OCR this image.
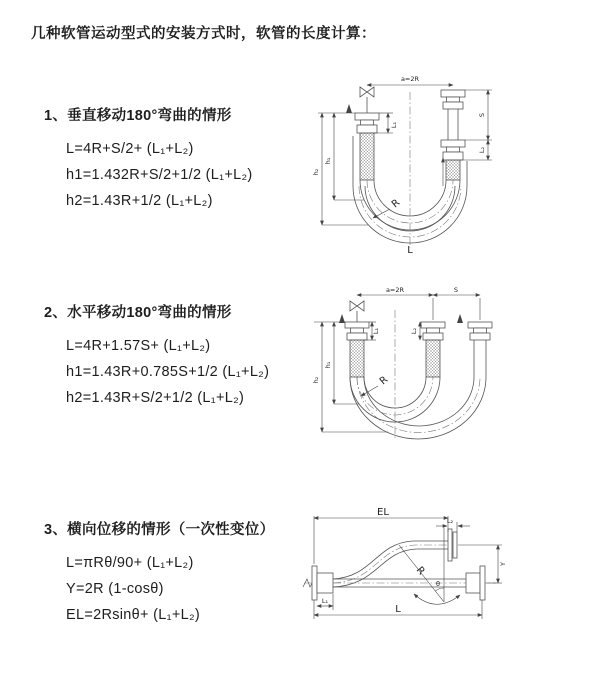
几种软管运动型式的安装方式时，软管的长度计算：

1、垂直移动180°弯曲的情形

L=4R+S/2+ (L₁+L₂)

h1=1.432R+S/2+1/2 (L₁+L₂)

h2=1.43R+1/2 (L₁+L₂)

2、水平移动180°弯曲的情形

L=4R+1.57S+ (L₁+L₂)

h1=1.43R+0.785S+1/2 (L₁+L₂)

h2=1.43R+S/2+1/2 (L₁+L₂)

3、横向位移的情形（一次性变位）

L=πRθ/90+ (L₁+L₂)

Y=2R (1-cosθ)

EL=2Rsinθ+ (L₁+L₂)

a=2R
L₁
S
L₂
h₁
h₂
R
L
a=2R	S
L₁	L₂
h₁
h₂	R
EL
L₂
Y
L
L₁
R
θ
